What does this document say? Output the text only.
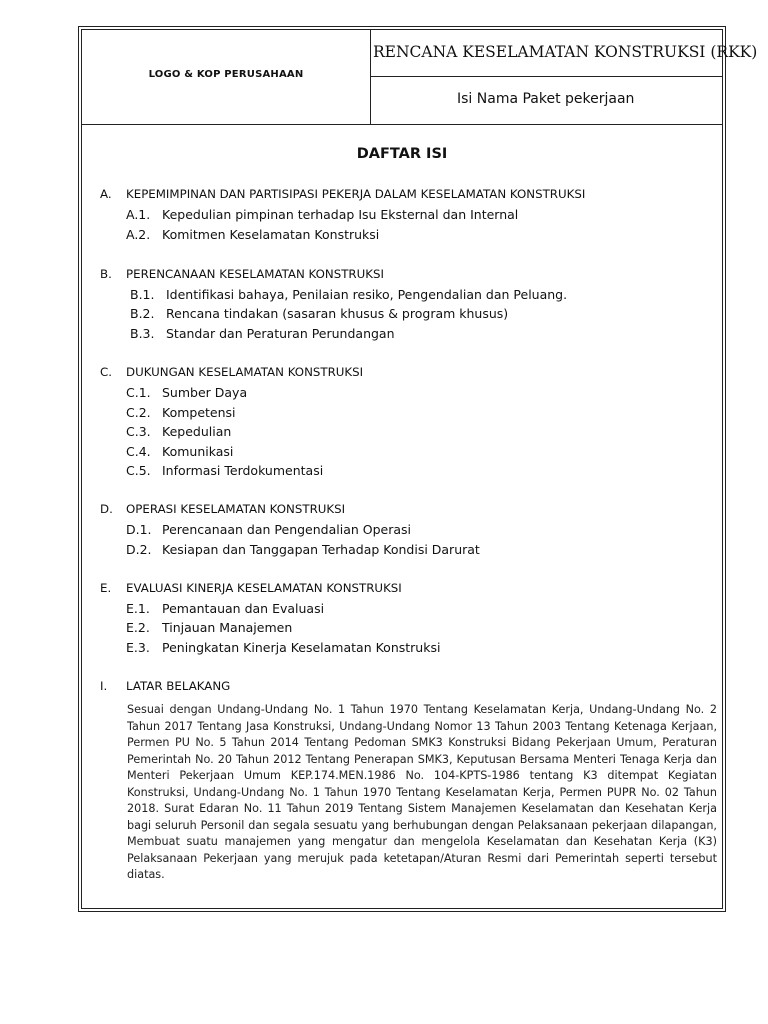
LOGO & KOP PERUSAHAAN
RENCANA KESELAMATAN KONSTRUKSI (RKK)
Isi Nama Paket pekerjaan
DAFTAR ISI
A. KEPEMIMPINAN DAN PARTISIPASI PEKERJA DALAM KESELAMATAN KONSTRUKSI
A.1. Kepedulian pimpinan terhadap Isu Eksternal dan Internal
A.2. Komitmen Keselamatan Konstruksi
B. PERENCANAAN KESELAMATAN KONSTRUKSI
B.1. Identifikasi bahaya, Penilaian resiko, Pengendalian dan Peluang.
B.2. Rencana tindakan (sasaran khusus & program khusus)
B.3. Standar dan Peraturan Perundangan
C. DUKUNGAN KESELAMATAN KONSTRUKSI
C.1. Sumber Daya
C.2. Kompetensi
C.3. Kepedulian
C.4. Komunikasi
C.5. Informasi Terdokumentasi
D. OPERASI KESELAMATAN KONSTRUKSI
D.1. Perencanaan dan Pengendalian Operasi
D.2. Kesiapan dan Tanggapan Terhadap Kondisi Darurat
E. EVALUASI KINERJA KESELAMATAN KONSTRUKSI
E.1. Pemantauan dan Evaluasi
E.2. Tinjauan Manajemen
E.3. Peningkatan Kinerja Keselamatan Konstruksi
I. LATAR BELAKANG

Sesuai dengan Undang-Undang No. 1 Tahun 1970 Tentang Keselamatan Kerja, Undang-Undang No. 2 Tahun 2017 Tentang Jasa Konstruksi, Undang-Undang Nomor 13 Tahun 2003 Tentang Ketenaga Kerjaan, Permen PU No. 5 Tahun 2014 Tentang Pedoman SMK3 Konstruksi Bidang Pekerjaan Umum, Peraturan Pemerintah No. 20 Tahun 2012 Tentang Penerapan SMK3, Keputusan Bersama Menteri Tenaga Kerja dan Menteri Pekerjaan Umum KEP.174.MEN.1986 No. 104-KPTS-1986 tentang K3 ditempat Kegiatan Konstruksi, Undang-Undang No. 1 Tahun 1970 Tentang Keselamatan Kerja, Permen PUPR No. 02 Tahun 2018. Surat Edaran No. 11 Tahun 2019 Tentang Sistem Manajemen Keselamatan dan Kesehatan Kerja bagi seluruh Personil dan segala sesuatu yang berhubungan dengan Pelaksanaan pekerjaan dilapangan, Membuat suatu manajemen yang mengatur dan mengelola Keselamatan dan Kesehatan Kerja (K3) Pelaksanaan Pekerjaan yang merujuk pada ketetapan/Aturan Resmi dari Pemerintah seperti tersebut diatas.
